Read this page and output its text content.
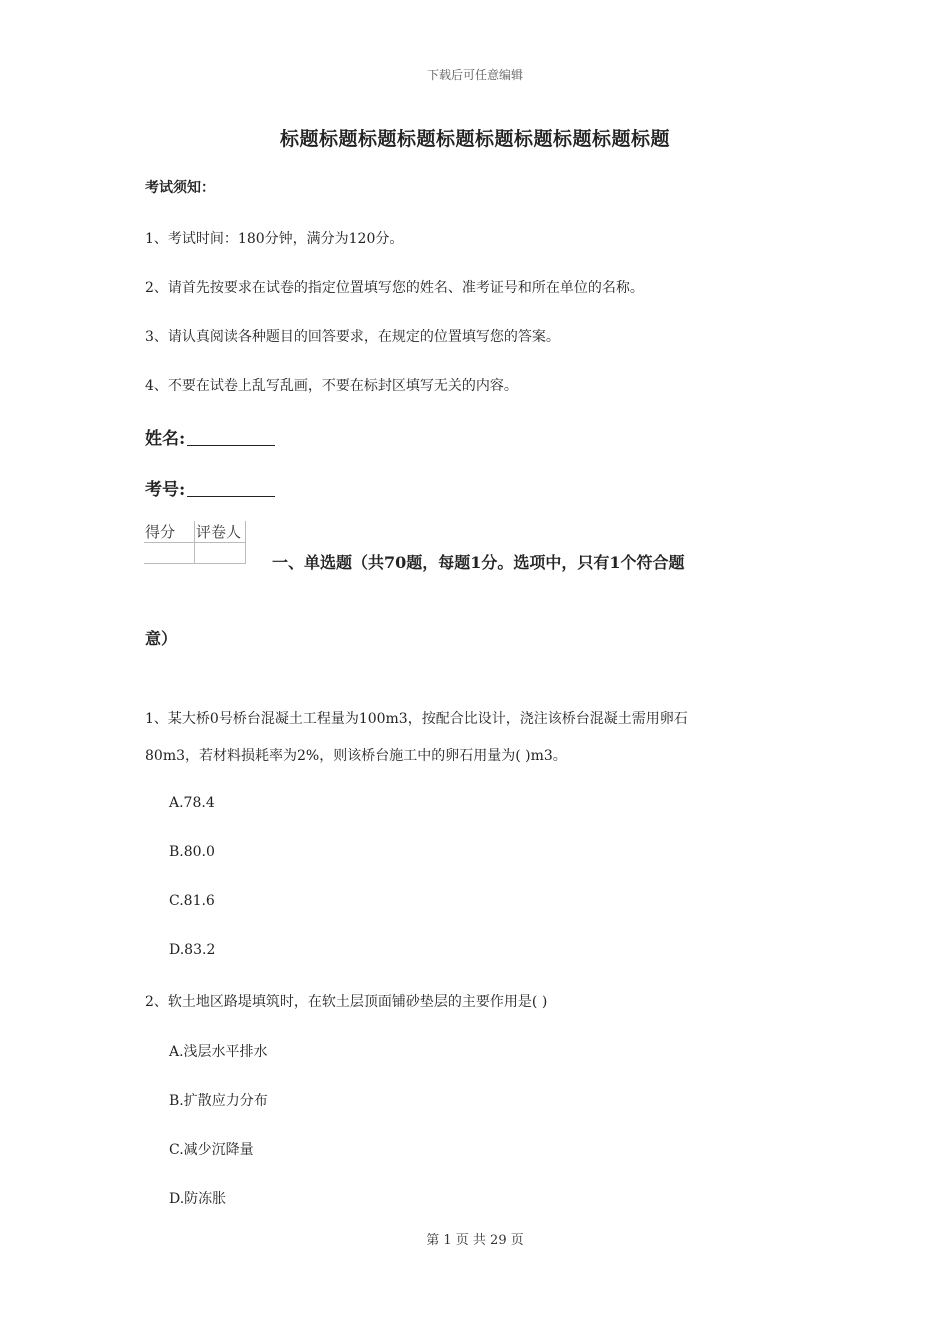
下载后可任意编辑
标题标题标题标题标题标题标题标题标题标题
考试须知：
1、考试时间：180分钟，满分为120分。
2、请首先按要求在试卷的指定位置填写您的姓名、准考证号和所在单位的名称。
3、请认真阅读各种题目的回答要求，在规定的位置填写您的答案。
4、不要在试卷上乱写乱画，不要在标封区填写无关的内容。
姓名:
考号:
得分	评卷人

一、单选题（共70题，每题1分。选项中，只有1个符合题
意）
1、某大桥0号桥台混凝土工程量为100m3，按配合比设计，浇注该桥台混凝土需用卵石
80m3，若材料损耗率为2%，则该桥台施工中的卵石用量为( )m3。
A.78.4
B.80.0
C.81.6
D.83.2
2、软土地区路堤填筑时，在软土层顶面铺砂垫层的主要作用是( )
A.浅层水平排水
B.扩散应力分布
C.减少沉降量
D.防冻胀
第 1 页 共 29 页
